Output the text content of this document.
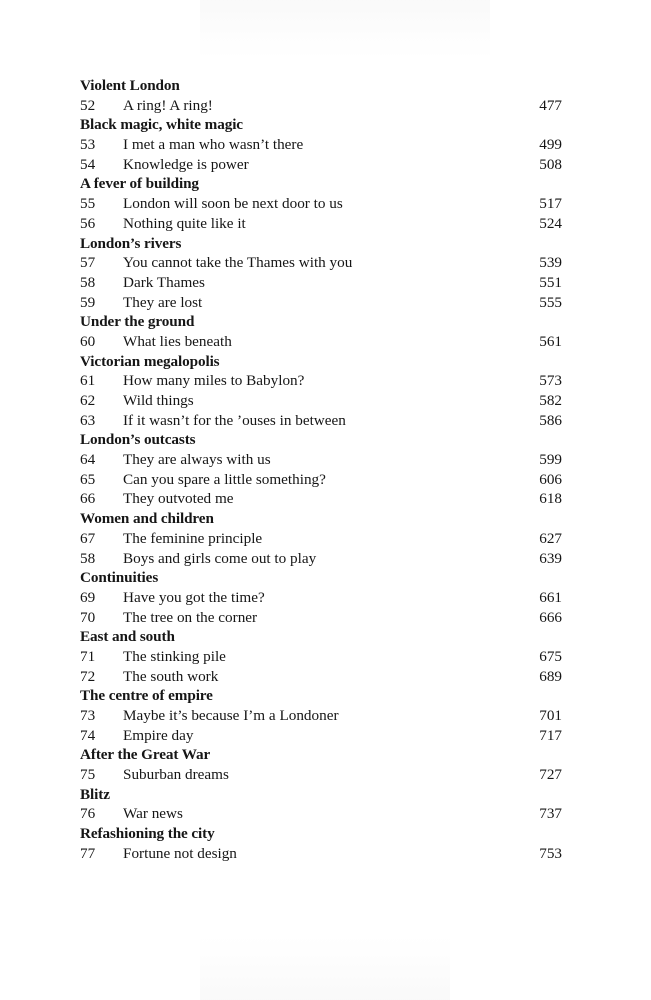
Violent London
52	A ring! A ring!	477
Black magic, white magic
53	I met a man who wasn’t there	499
54	Knowledge is power	508
A fever of building
55	London will soon be next door to us	517
56	Nothing quite like it	524
London’s rivers
57	You cannot take the Thames with you	539
58	Dark Thames	551
59	They are lost	555
Under the ground
60	What lies beneath	561
Victorian megalopolis
61	How many miles to Babylon?	573
62	Wild things	582
63	If it wasn’t for the ’ouses in between	586
London’s outcasts
64	They are always with us	599
65	Can you spare a little something?	606
66	They outvoted me	618
Women and children
67	The feminine principle	627
58	Boys and girls come out to play	639
Continuities
69	Have you got the time?	661
70	The tree on the corner	666
East and south
71	The stinking pile	675
72	The south work	689
The centre of empire
73	Maybe it’s because I’m a Londoner	701
74	Empire day	717
After the Great War
75	Suburban dreams	727
Blitz
76	War news	737
Refashioning the city
77	Fortune not design	753
